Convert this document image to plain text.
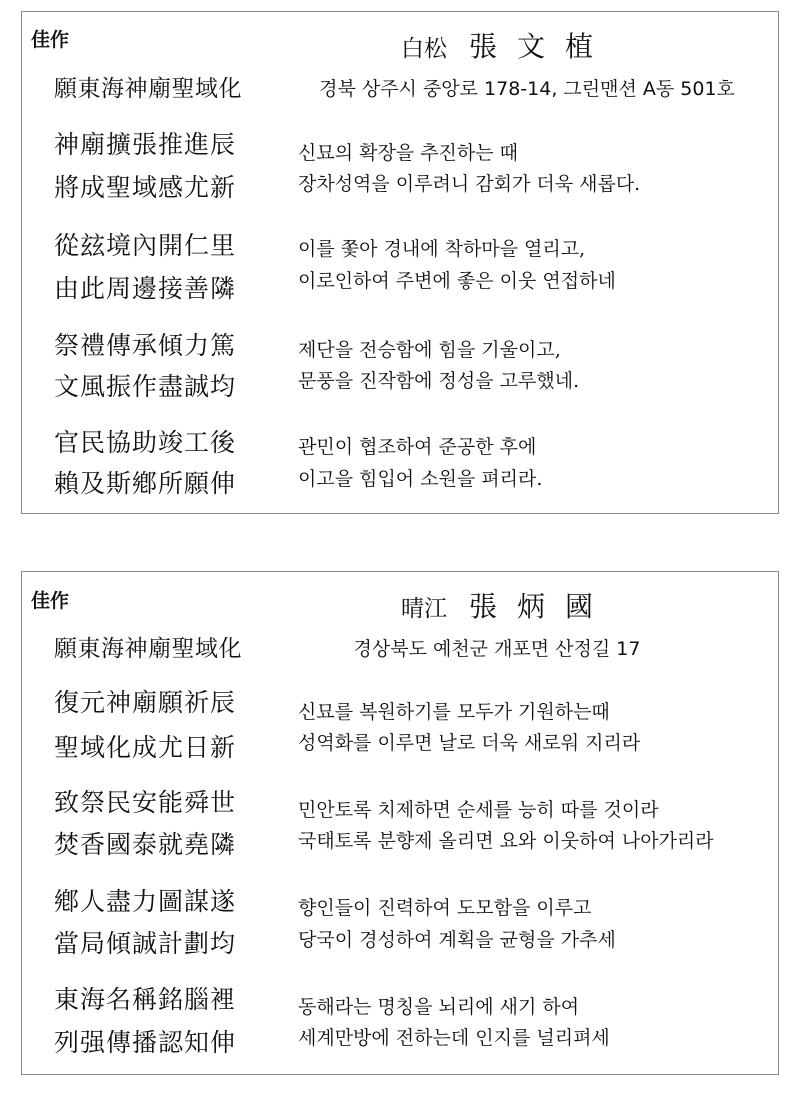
佳作	白松 張 文 植
願東海神廟聖域化	경북 상주시 중앙로 178-14, 그린맨션 A동 501호
神廟擴張推進辰	신묘의 확장을 추진하는 때
將成聖域感尤新	장차성역을 이루려니 감회가 더욱 새롭다.
從玆境內開仁里	이를 쫓아 경내에 착하마을 열리고,
由此周邊接善隣	이로인하여 주변에 좋은 이웃 연접하네
祭禮傳承傾力篤	제단을 전승함에 힘을 기울이고,
文風振作盡誠均	문풍을 진작함에 정성을 고루했네.
官民協助竣工後	관민이 협조하여 준공한 후에
賴及斯鄕所願伸	이고을 힘입어 소원을 펴리라.
佳作	晴江 張 炳 國
願東海神廟聖域化	경상북도 예천군 개포면 산정길 17
復元神廟願祈辰	신묘를 복원하기를 모두가 기원하는때
聖域化成尤日新	성역화를 이루면 날로 더욱 새로워 지리라
致祭民安能舜世	민안토록 치제하면 순세를 능히 따를 것이라
焚香國泰就堯隣	국태토록 분향제 올리면 요와 이웃하여 나아가리라
鄕人盡力圖謀遂	향인들이 진력하여 도모함을 이루고
當局傾誠計劃均	당국이 경성하여 계획을 균형을 가추세
東海名稱銘腦裡	동해라는 명칭을 뇌리에 새기 하여
列强傳播認知伸	세계만방에 전하는데 인지를 널리펴세
